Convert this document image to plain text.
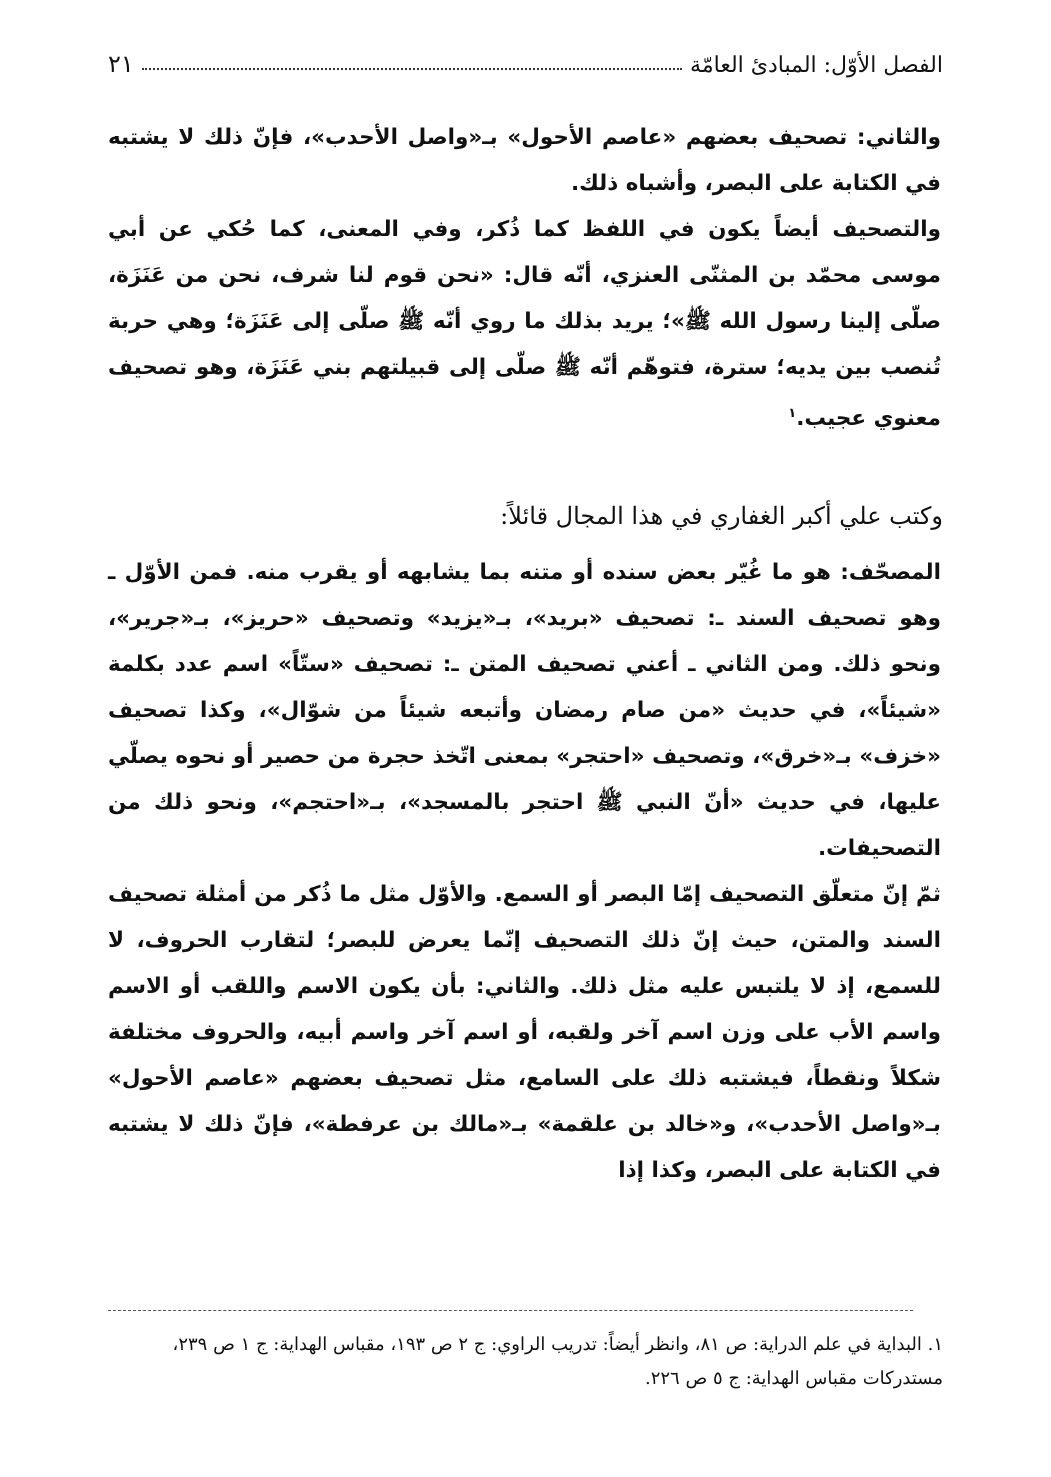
الفصل الأوّل: المبادئ العامّة
٢١

والثاني: تصحيف بعضهم «عاصم الأحول» بـ«واصل الأحدب»، فإنّ ذلك لا يشتبه في الكتابة على البصر، وأشباه ذلك.

والتصحيف أيضاً يكون في اللفظ كما ذُكر، وفي المعنى، كما حُكي عن أبي موسى محمّد بن المثنّى العنزي، أنّه قال: «نحن قوم لنا شرف، نحن من عَنَزَة، صلّى إلينا رسول الله ﷺ»؛ يريد بذلك ما روي أنّه ﷺ صلّى إلى عَنَزَة؛ وهي حربة تُنصب بين يديه؛ سترة، فتوهّم أنّه ﷺ صلّى إلى قبيلتهم بني عَنَزَة، وهو تصحيف معنوي عجيب.$^١$

وكتب علي أكبر الغفاري في هذا المجال قائلاً:

المصحّف: هو ما غُيّر بعض سنده أو متنه بما يشابهه أو يقرب منه. فمن الأوّل ـ وهو تصحيف السند ـ: تصحيف «بريد»، بـ«يزيد» وتصحيف «حريز»، بـ«جرير»، ونحو ذلك. ومن الثاني ـ أعني تصحيف المتن ـ: تصحيف «ستّاً» اسم عدد بكلمة «شيئاً»، في حديث «من صام رمضان وأتبعه شيئاً من شوّال»، وكذا تصحيف «خزف» بـ«خرق»، وتصحيف «احتجر» بمعنى اتّخذ حجرة من حصير أو نحوه يصلّي عليها، في حديث «أنّ النبي ﷺ احتجر بالمسجد»، بـ«احتجم»، ونحو ذلك من التصحيفات.

ثمّ إنّ متعلّق التصحيف إمّا البصر أو السمع. والأوّل مثل ما ذُكر من أمثلة تصحيف السند والمتن، حيث إنّ ذلك التصحيف إنّما يعرض للبصر؛ لتقارب الحروف، لا للسمع، إذ لا يلتبس عليه مثل ذلك. والثاني: بأن يكون الاسم واللقب أو الاسم واسم الأب على وزن اسم آخر ولقبه، أو اسم آخر واسم أبيه، والحروف مختلفة شكلاً ونقطاً، فيشتبه ذلك على السامع، مثل تصحيف بعضهم «عاصم الأحول» بـ«واصل الأحدب»، و«خالد بن علقمة» بـ«مالك بن عرفطة»، فإنّ ذلك لا يشتبه في الكتابة على البصر، وكذا إذا

١. البداية في علم الدراية: ص ٨١، وانظر أيضاً: تدريب الراوي: ج ٢ ص ١٩٣، مقباس الهداية: ج ١ ص ٢٣٩، مستدركات مقباس الهداية: ج ٥ ص ٢٢٦.
